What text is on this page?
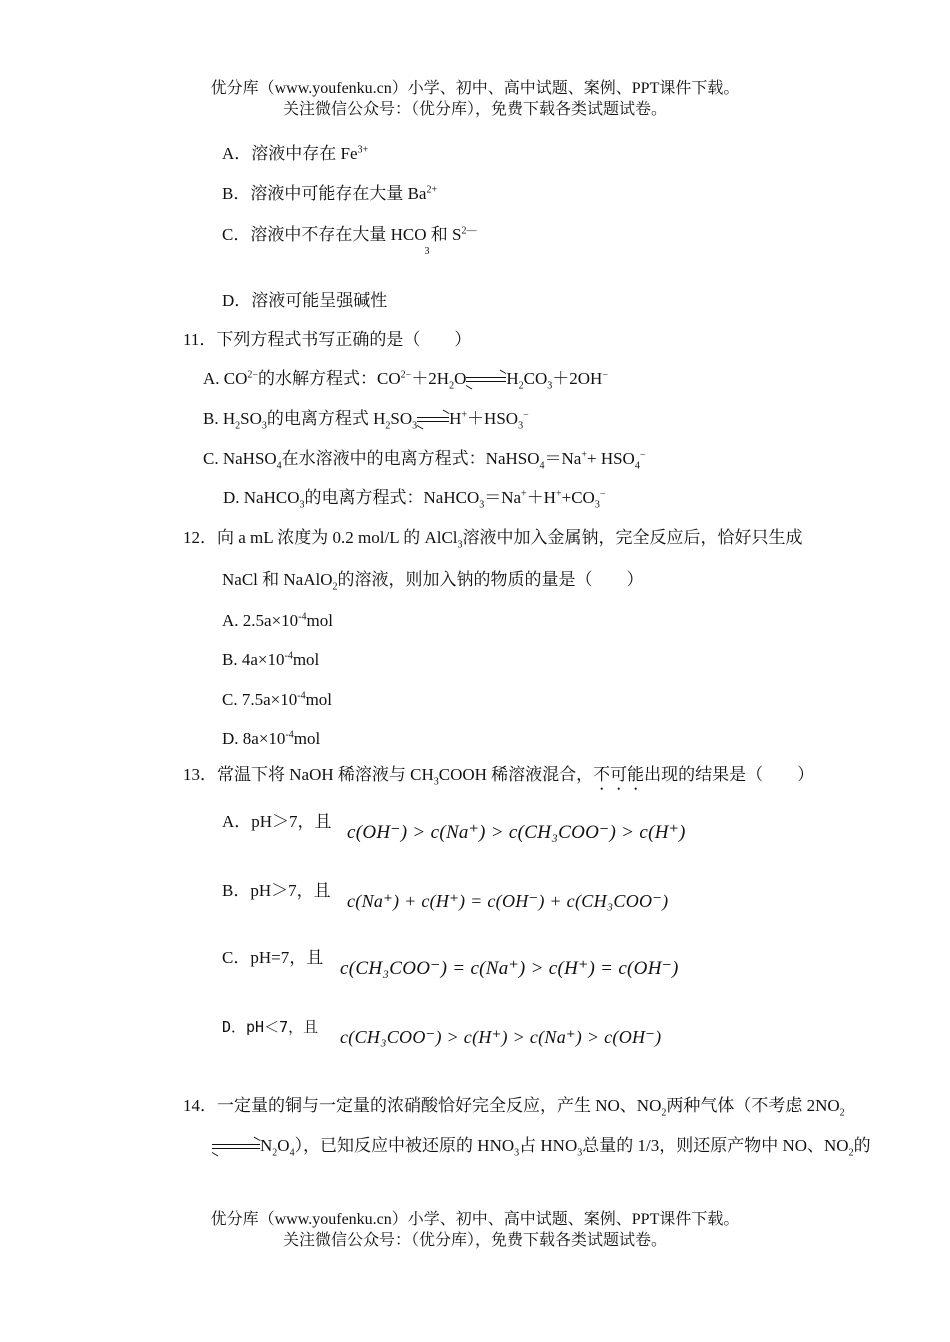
优分库（www.youfenku.cn）小学、初中、高中试题、案例、PPT课件下载。
关注微信公众号：（优分库），免费下载各类试题试卷。
A．溶液中存在 $Fe^{3+}$
B．溶液中可能存在大量 $Ba^{2+}$
C．溶液中不存在大量 HCO
3
和 $S^{2—}$
D．溶液可能呈强碱性
11．下列方程式书写正确的是（　　）
A. $CO^{2-}$的水解方程式：$CO^{2-}+2H_2O$ $H_2CO_3+2OH^-$
B. $H_2SO_3$的电离方程式 $H_2SO_3$ $H^++HSO_3^-$
C. NaHSO$_4$在水溶液中的电离方程式：NaHSO$_4$＝Na++ $HSO_4^-$
D. NaHCO$_3$的电离方程式：$NaHCO_3=Na^++H^++CO_3^-$
12．向 a mL 浓度为 0.2 mol/L 的 AlCl$_3$溶液中加入金属钠，完全反应后，恰好只生成
NaCl 和 NaAlO$_2$的溶液，则加入钠的物质的量是（　　）
A. $2.5a\times 10^{-4}mol$
B. $4a\times 10^{-4}mol$
C. $7.5a\times 10^{-4}mol$
D. $8a\times 10^{-4}mol$
13．常温下将 NaOH 稀溶液与 $CH_3COOH$ 稀溶液混合，不可能出现的结果是（　　）
A．pH＞7，且
c(OH⁻) > c(Na⁺) > c(CH₃COO⁻) > c(H⁺)
B．pH＞7，且
c(Na⁺) + c(H⁺) = c(OH⁻) + c(CH₃COO⁻)
C．pH=7，且
c(CH₃COO⁻) = c(Na⁺) > c(H⁺) = c(OH⁻)
D．pH＜7，且 c(CH₃COO⁻) > c(H⁺) > c(Na⁺) > c(OH⁻)
14．一定量的铜与一定量的浓硝酸恰好完全反应，产生 NO、$NO_2$两种气体（不考虑 $2NO_2$
$N_2O_4$），已知反应中被还原的 $HNO_3$占 $HNO_3$总量的 1/3，则还原产物中 NO、$NO_2$的
优分库（www.youfenku.cn）小学、初中、高中试题、案例、PPT课件下载。
关注微信公众号：（优分库），免费下载各类试题试卷。
